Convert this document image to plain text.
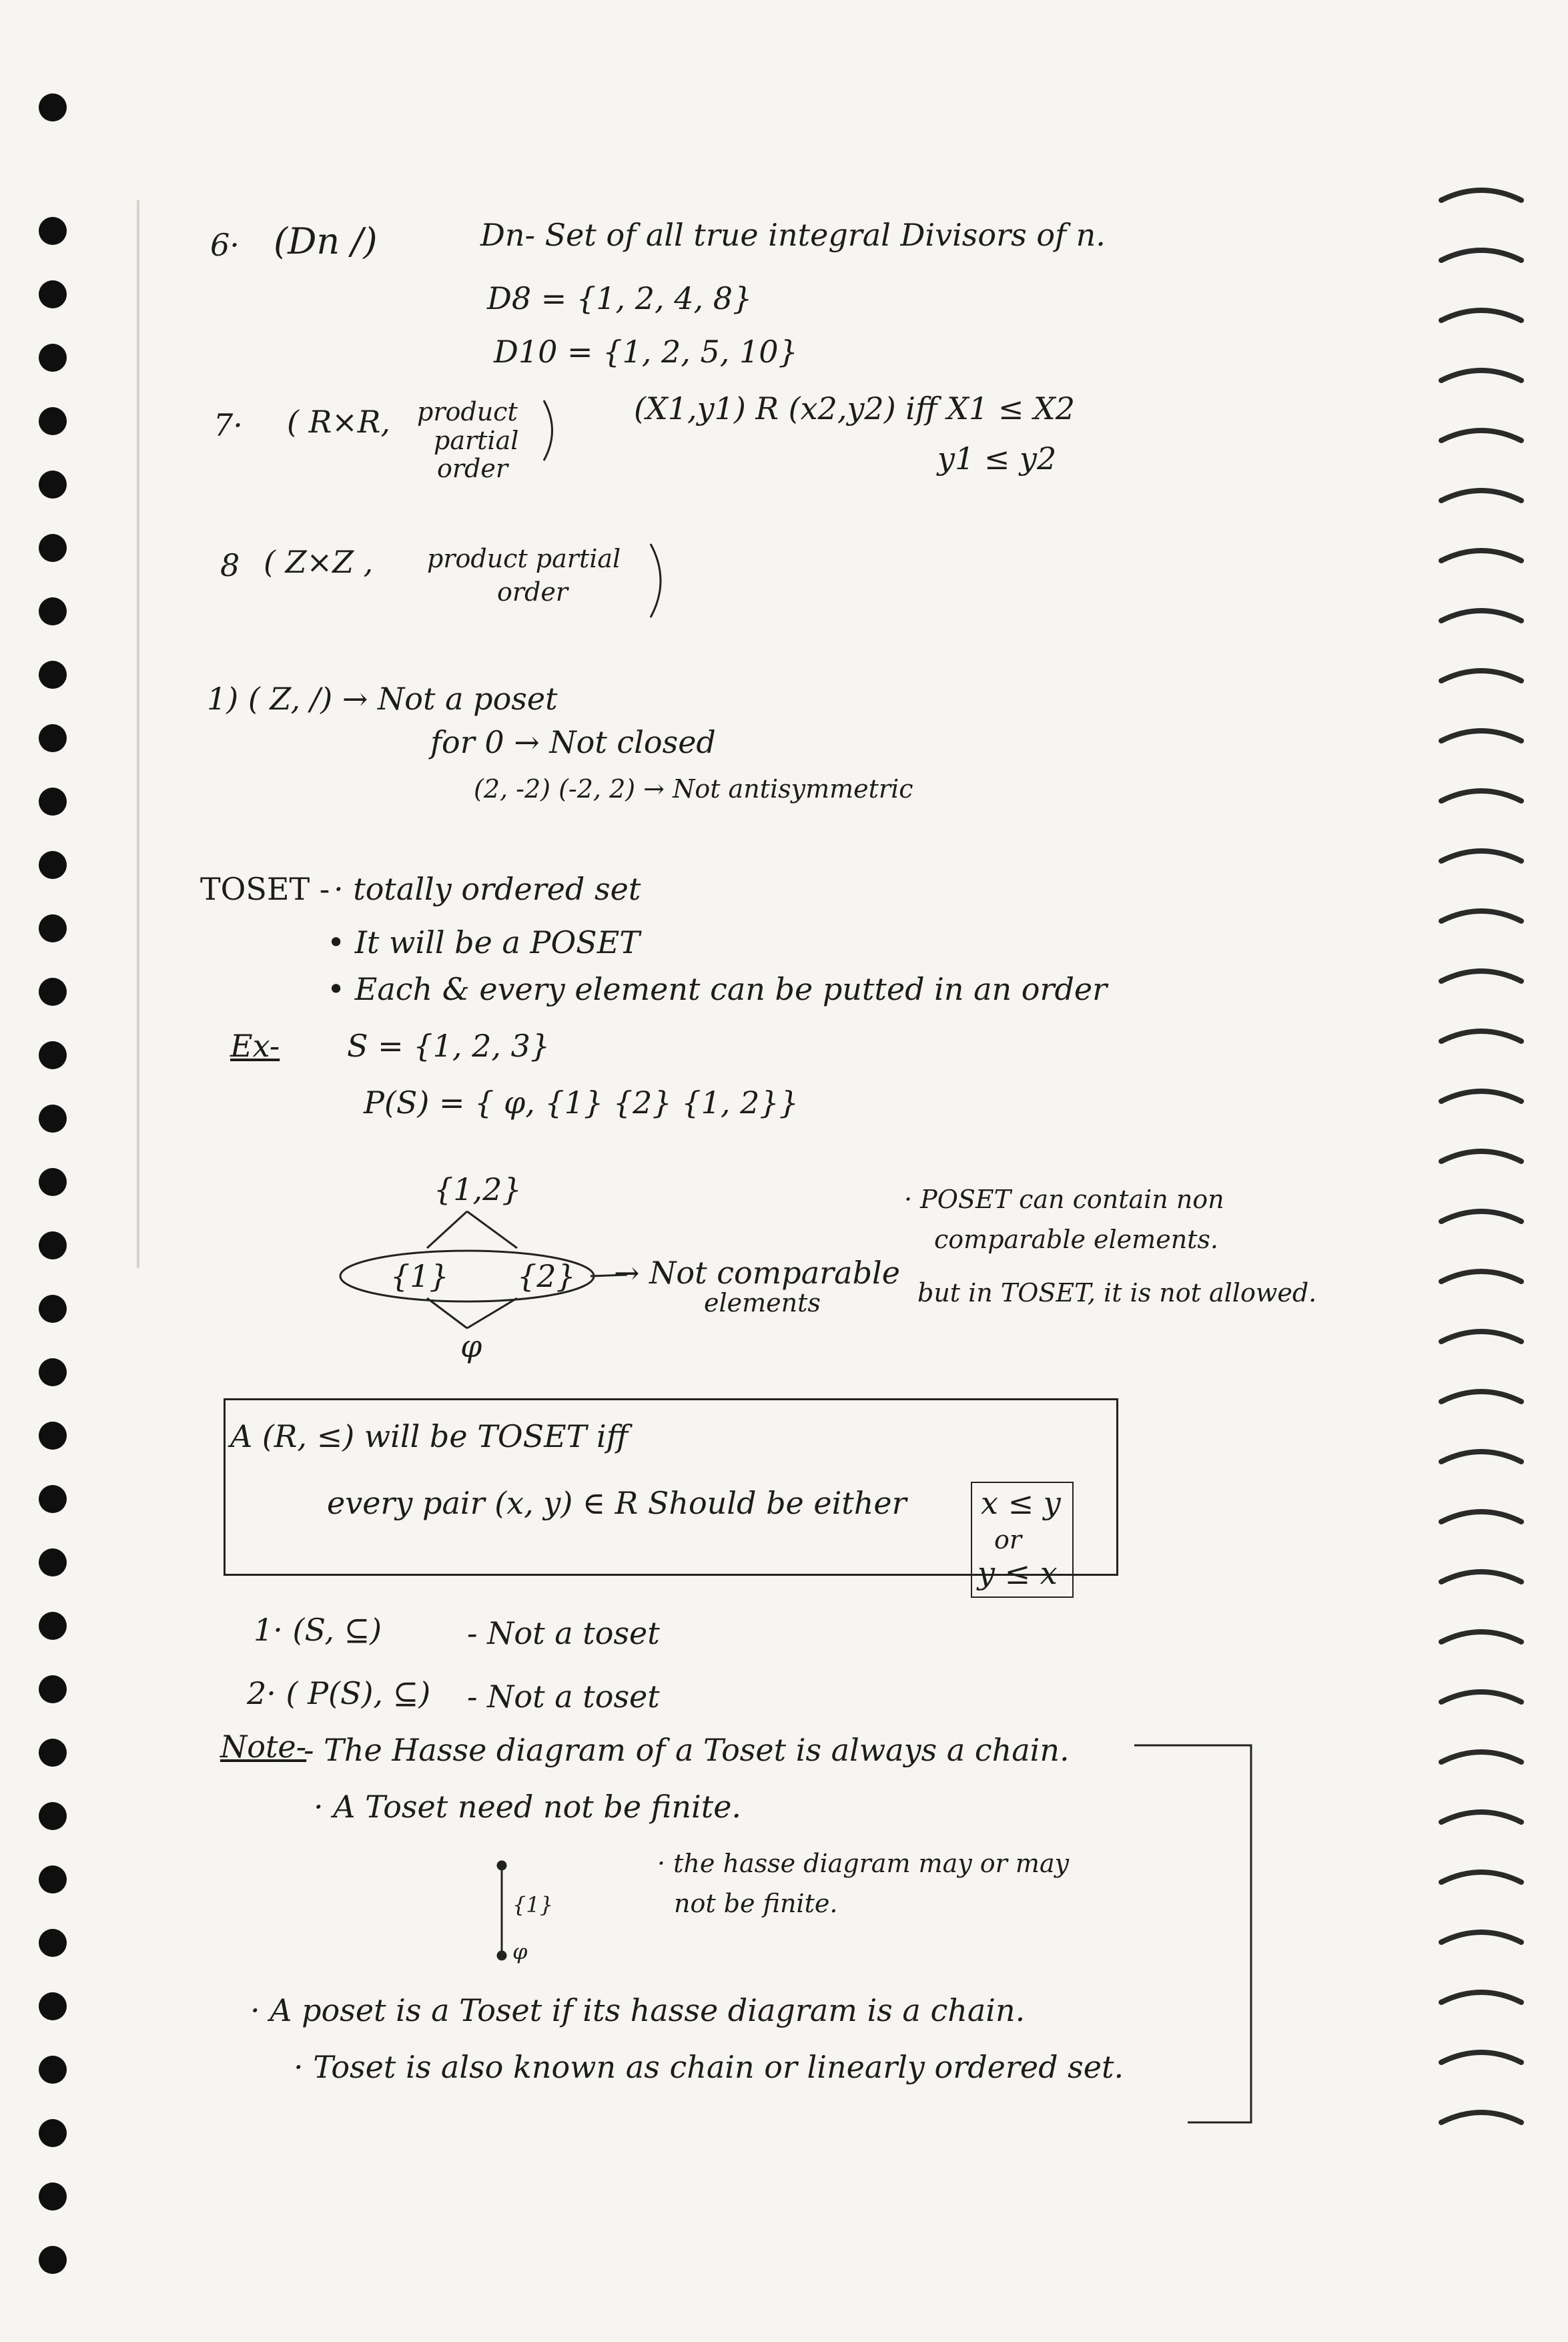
6· (Dn /)	Dn- Set of all true integral Divisors of n.
D8 = {1, 2, 4, 8}
D10 = {1, 2, 5, 10}
7· ( R×R, product
partial
order
(X1,y1) R (x2,y2) iff X1 ≤ X2
y1 ≤ y2
8 ( Z×Z , product partial
order
1) ( Z, /) → Not a poset
for 0 → Not closed
(2, -2) (-2, 2) → Not antisymmetric
TOSET - · totally ordered set
• It will be a POSET
• Each & every element can be putted in an order
Ex- S = {1, 2, 3}
P(S) = { φ, {1} {2} {1, 2}}
{1,2}
{1} {2}
φ
→ Not comparable
elements
· POSET can contain non
comparable elements.
but in TOSET, it is not allowed.
A (R, ≤) will be TOSET iff
every pair (x, y) ∈ R Should be either x ≤ y
or
y ≤ x
1· (S, ⊆)	- Not a toset
2· ( P(S), ⊆) - Not a toset
Note-
- The Hasse diagram of a Toset is always a chain.
· A Toset need not be finite.
· the hasse diagram may or may
not be finite.
{1}
φ
· A poset is a Toset if its hasse diagram is a chain.
· Toset is also known as chain or linearly ordered set.
